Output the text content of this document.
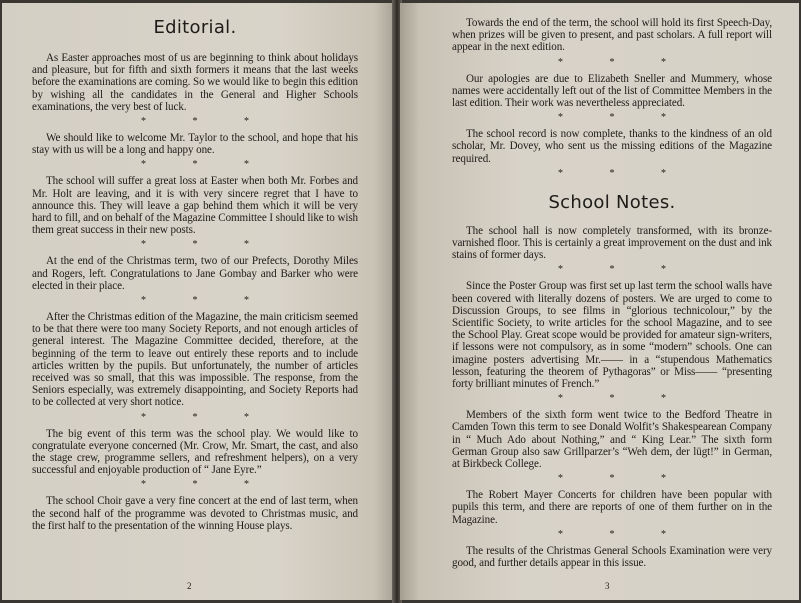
Editorial.

As Easter approaches most of us are beginning to think about holidays and pleasure, but for fifth and sixth formers it means that the last weeks before the examinations are coming. So we would like to begin this edition by wishing all the candidates in the General and Higher Schools examinations, the very best of luck.

* * *

We should like to welcome Mr. Taylor to the school, and hope that his stay with us will be a long and happy one.

* * *

The school will suffer a great loss at Easter when both Mr. Forbes and Mr. Holt are leaving, and it is with very sincere regret that I have to announce this. They will leave a gap behind them which it will be very hard to fill, and on behalf of the Magazine Committee I should like to wish them great success in their new posts.

* * *

At the end of the Christmas term, two of our Prefects, Dorothy Miles and Rogers, left. Congratulations to Jane Gombay and Barker who were elected in their place.

* * *

After the Christmas edition of the Magazine, the main criticism seemed to be that there were too many Society Reports, and not enough articles of general interest. The Magazine Committee decided, therefore, at the beginning of the term to leave out entirely these reports and to include articles written by the pupils. But unfortunately, the number of articles received was so small, that this was impossible. The response, from the Seniors especially, was extremely disappointing, and Society Reports had to be collected at very short notice.

* * *

The big event of this term was the school play. We would like to congratulate everyone concerned (Mr. Crow, Mr. Smart, the cast, and also the stage crew, programme sellers, and refreshment helpers), on a very successful and enjoyable production of “ Jane Eyre.”

* * *

The school Choir gave a very fine concert at the end of last term, when the second half of the programme was devoted to Christmas music, and the first half to the presentation of the winning House plays.

2

Towards the end of the term, the school will hold its first Speech-Day, when prizes will be given to present, and past scholars. A full report will appear in the next edition.

* * *

Our apologies are due to Elizabeth Sneller and Mummery, whose names were accidentally left out of the list of Committee Members in the last edition. Their work was nevertheless appreciated.

* * *

The school record is now complete, thanks to the kindness of an old scholar, Mr. Dovey, who sent us the missing editions of the Magazine required.

* * *
School Notes.

The school hall is now completely transformed, with its bronze-varnished floor. This is certainly a great improvement on the dust and ink stains of former days.

* * *

Since the Poster Group was first set up last term the school walls have been covered with literally dozens of posters. We are urged to come to Discussion Groups, to see films in “glorious technicolour,” by the Scientific Society, to write articles for the school Magazine, and to see the School Play. Great scope would be provided for amateur sign-writers, if lessons were not compulsory, as in some “modern” schools. One can imagine posters advertising Mr.—— in a “stupendous Mathematics lesson, featuring the theorem of Pythagoras” or Miss—— “presenting forty brilliant minutes of French.”

* * *

Members of the sixth form went twice to the Bedford Theatre in Camden Town this term to see Donald Wolfit’s Shakespearean Company in “ Much Ado about Nothing,” and “ King Lear.” The sixth form German Group also saw Grillparzer’s “Weh dem, der lügt!” in German, at Birkbeck College.

* * *

The Robert Mayer Concerts for children have been popular with pupils this term, and there are reports of one of them further on in the Magazine.

* * *

The results of the Christmas General Schools Examination were very good, and further details appear in this issue.

3
